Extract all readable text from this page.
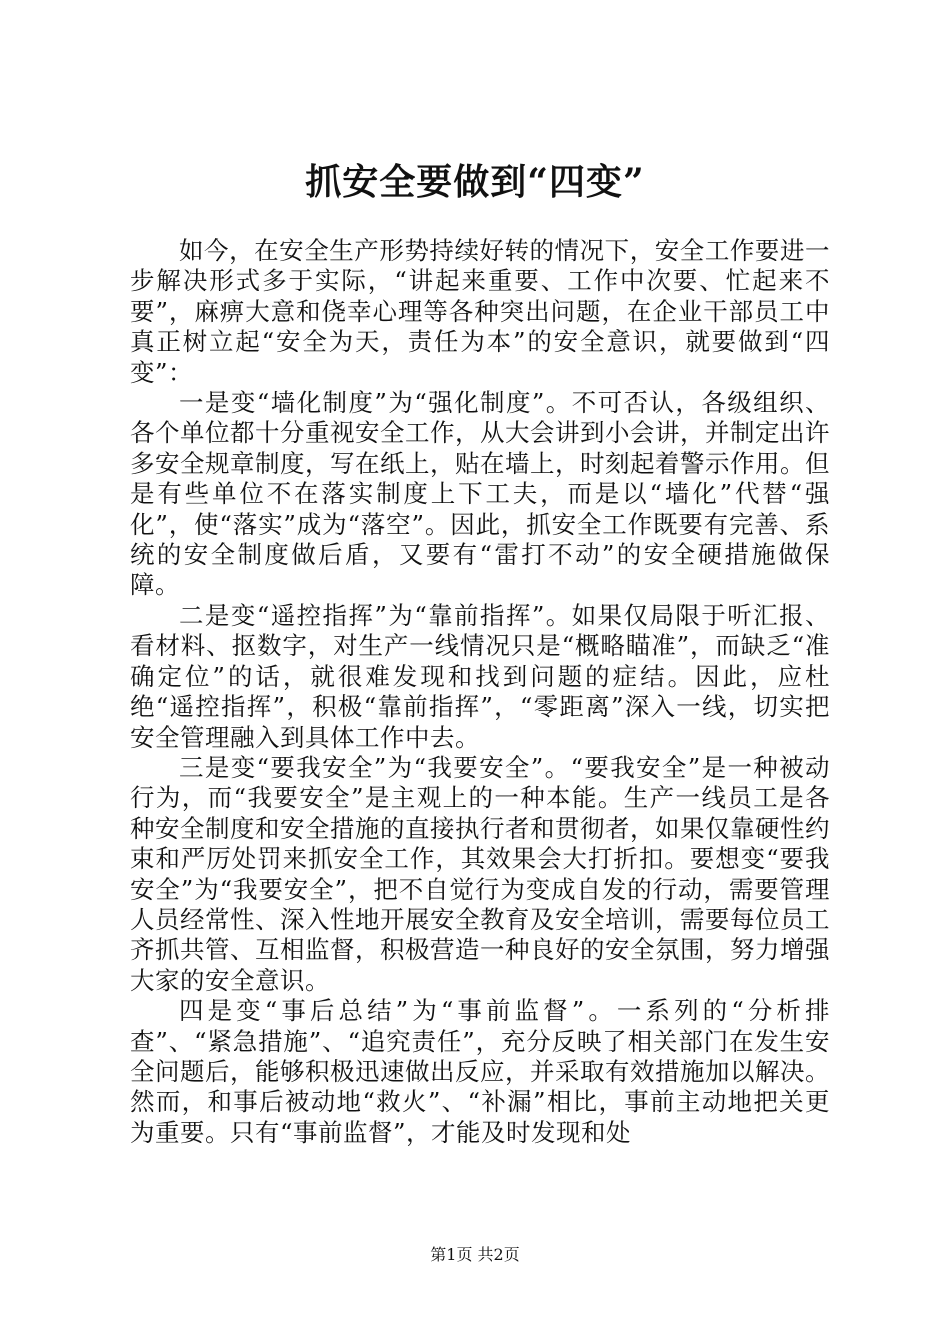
抓安全要做到“四变”

如今，在安全生产形势持续好转的情况下，安全工作要进一步解决形式多于实际，“讲起来重要、工作中次要、忙起来不要”，麻痹大意和侥幸心理等各种突出问题，在企业干部员工中真正树立起“安全为天，责任为本”的安全意识，就要做到“四变”：

一是变“墙化制度”为“强化制度”。不可否认，各级组织、各个单位都十分重视安全工作，从大会讲到小会讲，并制定出许多安全规章制度，写在纸上，贴在墙上，时刻起着警示作用。但是有些单位不在落实制度上下工夫，而是以“墙化”代替“强化”，使“落实”成为“落空”。因此，抓安全工作既要有完善、系统的安全制度做后盾，又要有“雷打不动”的安全硬措施做保障。

二是变“遥控指挥”为“靠前指挥”。如果仅局限于听汇报、看材料、抠数字，对生产一线情况只是“概略瞄准”，而缺乏“准确定位”的话，就很难发现和找到问题的症结。因此，应杜绝“遥控指挥”，积极“靠前指挥”，“零距离”深入一线，切实把安全管理融入到具体工作中去。

三是变“要我安全”为“我要安全”。“要我安全”是一种被动行为，而“我要安全”是主观上的一种本能。生产一线员工是各种安全制度和安全措施的直接执行者和贯彻者，如果仅靠硬性约束和严厉处罚来抓安全工作，其效果会大打折扣。要想变“要我安全”为“我要安全”，把不自觉行为变成自发的行动，需要管理人员经常性、深入性地开展安全教育及安全培训，需要每位员工齐抓共管、互相监督，积极营造一种良好的安全氛围，努力增强大家的安全意识。

四是变“事后总结”为“事前监督”。一系列的“分析排查”、“紧急措施”、“追究责任”，充分反映了相关部门在发生安全问题后，能够积极迅速做出反应，并采取有效措施加以解决。然而，和事后被动地“救火”、“补漏”相比，事前主动地把关更为重要。只有“事前监督”，才能及时发现和处

第1页 共2页
